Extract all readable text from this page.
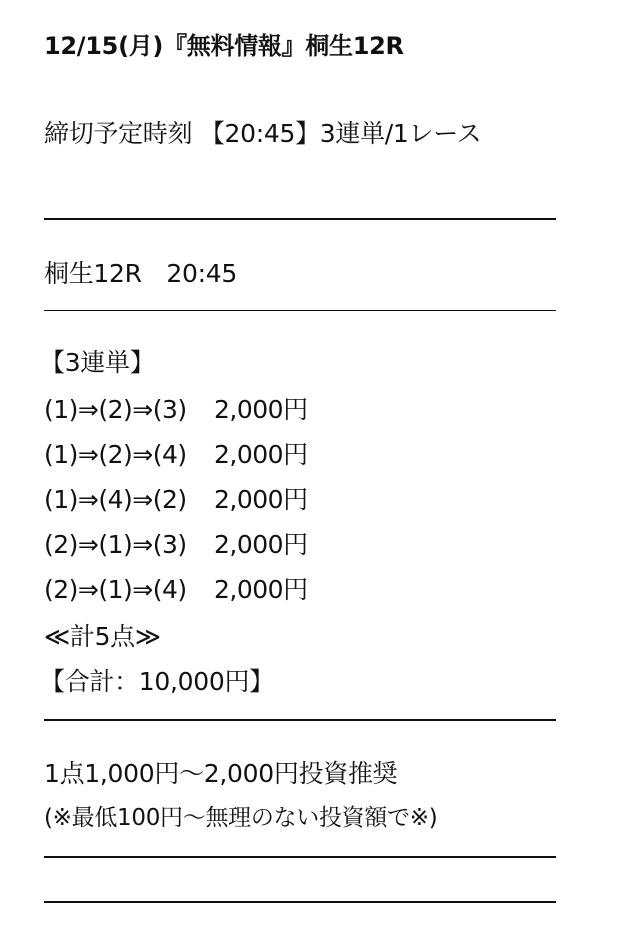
12/15(月)『無料情報』桐生12R
締切予定時刻 【20:45】3連単/1レース
桐生12R　20:45
【3連単】
(1)⇒(2)⇒(3) 2,000円
(1)⇒(2)⇒(4) 2,000円
(1)⇒(4)⇒(2) 2,000円
(2)⇒(1)⇒(3) 2,000円
(2)⇒(1)⇒(4) 2,000円
≪計5点≫
【合計：10,000円】
1点1,000円～2,000円投資推奨
(※最低100円～無理のない投資額で※)
